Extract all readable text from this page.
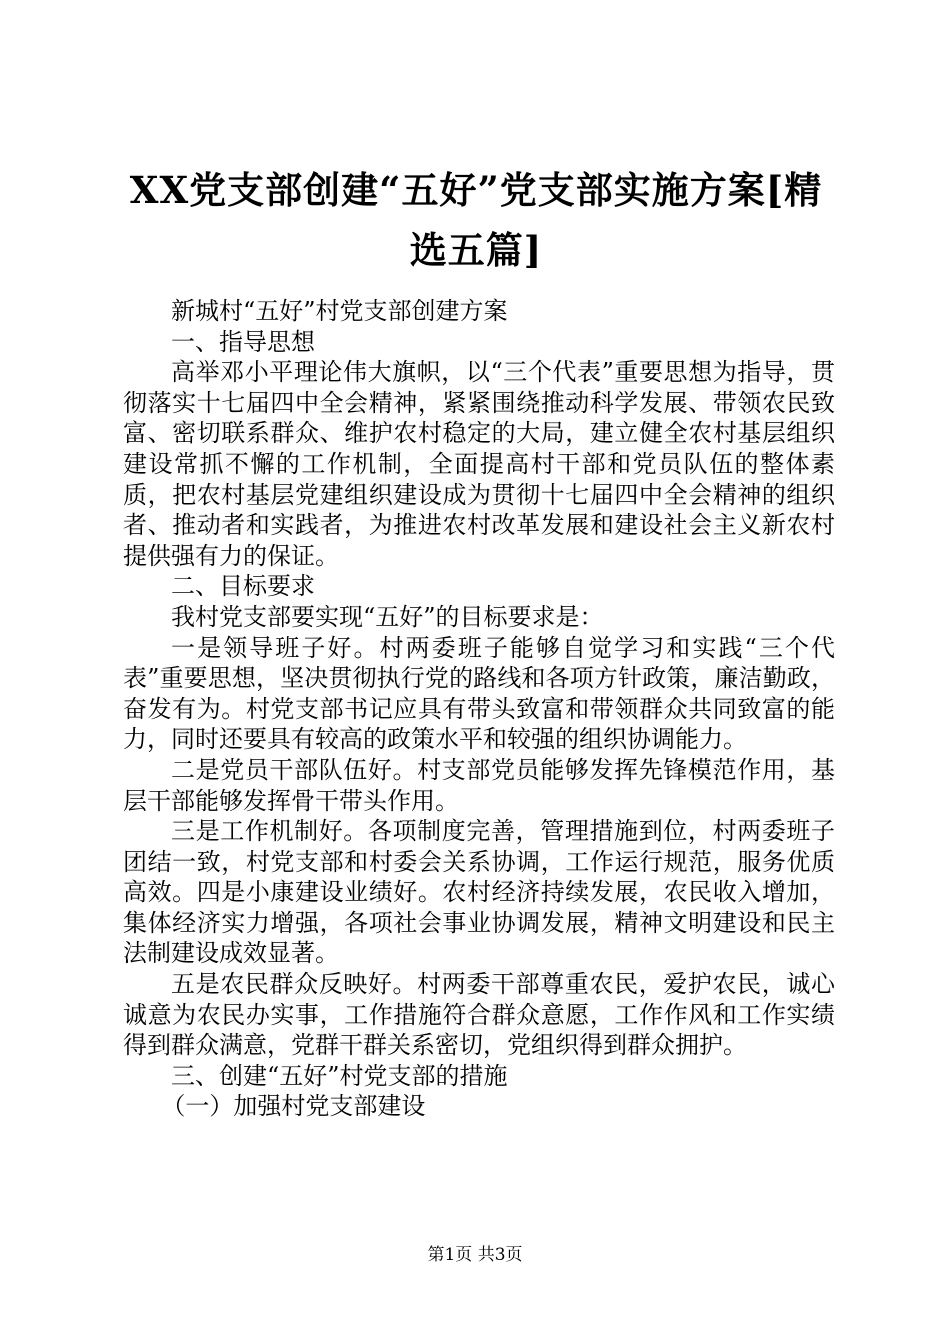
XX党支部创建“五好”党支部实施方案[精选五篇]

新城村“五好”村党支部创建方案

一、指导思想

高举邓小平理论伟大旗帜，以“三个代表”重要思想为指导，贯彻落实十七届四中全会精神，紧紧围绕推动科学发展、带领农民致富、密切联系群众、维护农村稳定的大局，建立健全农村基层组织建设常抓不懈的工作机制，全面提高村干部和党员队伍的整体素质，把农村基层党建组织建设成为贯彻十七届四中全会精神的组织者、推动者和实践者，为推进农村改革发展和建设社会主义新农村提供强有力的保证。

二、目标要求

我村党支部要实现“五好”的目标要求是：

一是领导班子好。村两委班子能够自觉学习和实践“三个代表”重要思想，坚决贯彻执行党的路线和各项方针政策，廉洁勤政，奋发有为。村党支部书记应具有带头致富和带领群众共同致富的能力，同时还要具有较高的政策水平和较强的组织协调能力。

二是党员干部队伍好。村支部党员能够发挥先锋模范作用，基层干部能够发挥骨干带头作用。

三是工作机制好。各项制度完善，管理措施到位，村两委班子团结一致，村党支部和村委会关系协调，工作运行规范，服务优质高效。四是小康建设业绩好。农村经济持续发展，农民收入增加，集体经济实力增强，各项社会事业协调发展，精神文明建设和民主法制建设成效显著。

五是农民群众反映好。村两委干部尊重农民，爱护农民，诚心诚意为农民办实事，工作措施符合群众意愿，工作作风和工作实绩得到群众满意，党群干群关系密切，党组织得到群众拥护。

三、创建“五好”村党支部的措施

（一）加强村党支部建设

第1页 共3页
